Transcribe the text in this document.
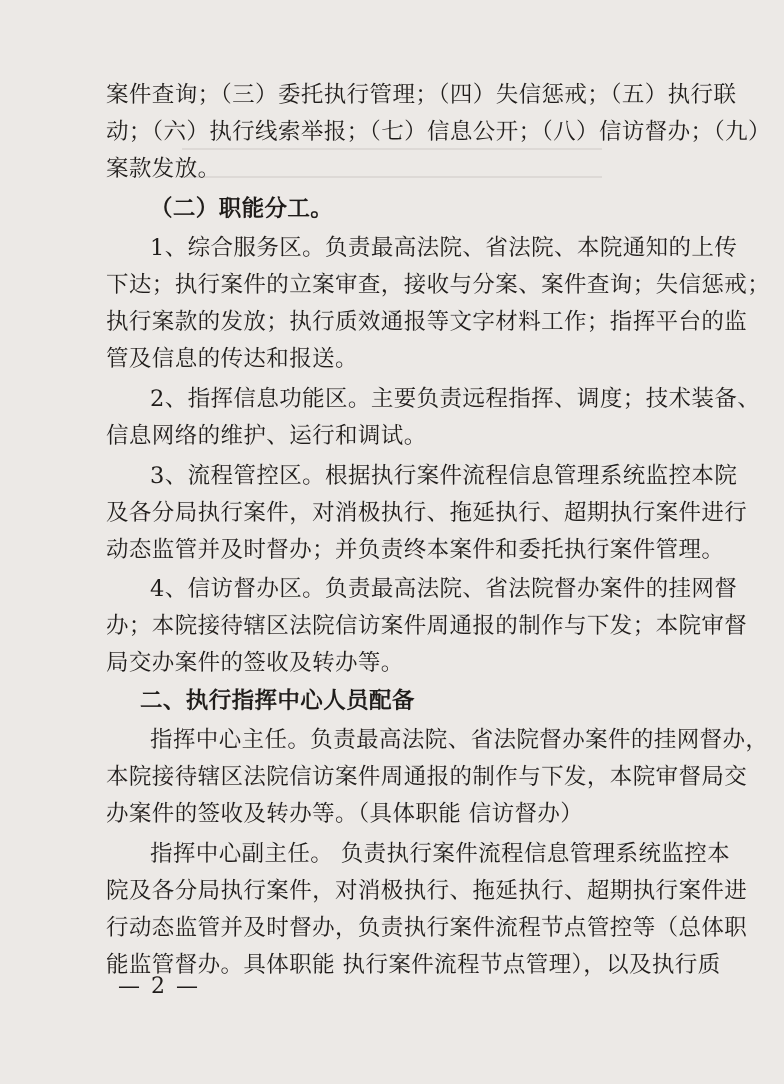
案件查询；（三）委托执行管理；（四）失信惩戒；（五）执行联
动；（六）执行线索举报；（七）信息公开；（八）信访督办；（九）
案款发放。
（二）职能分工。
1、综合服务区。负责最高法院、省法院、本院通知的上传
下达；执行案件的立案审查，接收与分案、案件查询；失信惩戒；
执行案款的发放；执行质效通报等文字材料工作；指挥平台的监
管及信息的传达和报送。
2、指挥信息功能区。主要负责远程指挥、调度；技术装备、
信息网络的维护、运行和调试。
3、流程管控区。根据执行案件流程信息管理系统监控本院
及各分局执行案件，对消极执行、拖延执行、超期执行案件进行
动态监管并及时督办；并负责终本案件和委托执行案件管理。
4、信访督办区。负责最高法院、省法院督办案件的挂网督
办；本院接待辖区法院信访案件周通报的制作与下发；本院审督
局交办案件的签收及转办等。
二、执行指挥中心人员配备
指挥中心主任。负责最高法院、省法院督办案件的挂网督办，
本院接待辖区法院信访案件周通报的制作与下发，本院审督局交
办案件的签收及转办等。（具体职能 信访督办）
指挥中心副主任。 负责执行案件流程信息管理系统监控本
院及各分局执行案件，对消极执行、拖延执行、超期执行案件进
行动态监管并及时督办，负责执行案件流程节点管控等（总体职
能监管督办。具体职能 执行案件流程节点管理），以及执行质
— 2 —
